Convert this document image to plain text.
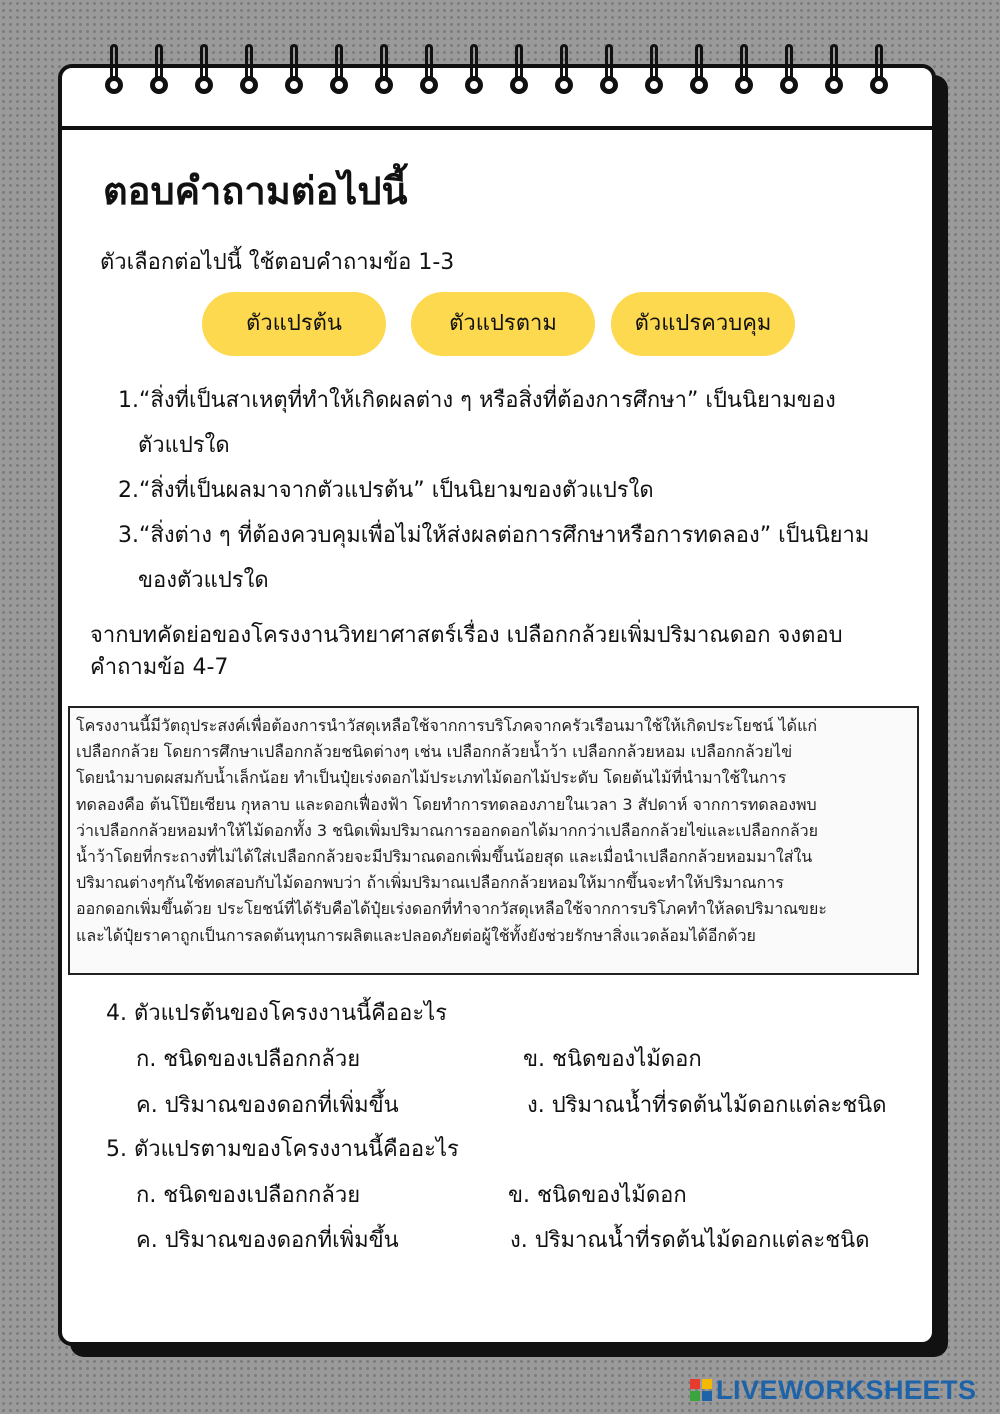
ตอบคำถามต่อไปนี้

ตัวเลือกต่อไปนี้ ใช้ตอบคำถามข้อ 1-3

ตัวแปรต้น	ตัวแปรตาม	ตัวแปรควบคุม

1.“สิ่งที่เป็นสาเหตุที่ทำให้เกิดผลต่าง ๆ หรือสิ่งที่ต้องการศึกษา” เป็นนิยามของ

ตัวแปรใด

2.“สิ่งที่เป็นผลมาจากตัวแปรต้น” เป็นนิยามของตัวแปรใด

3.“สิ่งต่าง ๆ ที่ต้องควบคุมเพื่อไม่ให้ส่งผลต่อการศึกษาหรือการทดลอง” เป็นนิยาม

ของตัวแปรใด

จากบทคัดย่อของโครงงานวิทยาศาสตร์เรื่อง เปลือกกล้วยเพิ่มปริมาณดอก จงตอบ

คำถามข้อ 4-7

โครงงานนี้มีวัตถุประสงค์เพื่อต้องการนำวัสดุเหลือใช้จากการบริโภคจากครัวเรือนมาใช้ให้เกิดประโยชน์ ได้แก่
เปลือกกล้วย โดยการศึกษาเปลือกกล้วยชนิดต่างๆ เช่น เปลือกกล้วยน้ำว้า เปลือกกล้วยหอม เปลือกกล้วยไข่
โดยนำมาบดผสมกับน้ำเล็กน้อย ทำเป็นปุ๋ยเร่งดอกไม้ประเภทไม้ดอกไม้ประดับ โดยต้นไม้ที่นำมาใช้ในการ
ทดลองคือ ต้นโป๊ยเซียน กุหลาบ และดอกเฟื่องฟ้า โดยทำการทดลองภายในเวลา 3 สัปดาห์ จากการทดลองพบ
ว่าเปลือกกล้วยหอมทำให้ไม้ดอกทั้ง 3 ชนิดเพิ่มปริมาณการออกดอกได้มากกว่าเปลือกกล้วยไข่และเปลือกกล้วย
น้ำว้าโดยที่กระถางที่ไม่ได้ใส่เปลือกกล้วยจะมีปริมาณดอกเพิ่มขึ้นน้อยสุด และเมื่อนำเปลือกกล้วยหอมมาใส่ใน
ปริมาณต่างๆกันใช้ทดสอบกับไม้ดอกพบว่า ถ้าเพิ่มปริมาณเปลือกกล้วยหอมให้มากขึ้นจะทำให้ปริมาณการ
ออกดอกเพิ่มขึ้นด้วย ประโยชน์ที่ได้รับคือได้ปุ๋ยเร่งดอกที่ทำจากวัสดุเหลือใช้จากการบริโภคทำให้ลดปริมาณขยะ
และได้ปุ๋ยราคาถูกเป็นการลดต้นทุนการผลิตและปลอดภัยต่อผู้ใช้ทั้งยังช่วยรักษาสิ่งแวดล้อมได้อีกด้วย

4. ตัวแปรต้นของโครงงานนี้คืออะไร

ก. ชนิดของเปลือกกล้วย	ข. ชนิดของไม้ดอก

ค. ปริมาณของดอกที่เพิ่มขึ้น	ง. ปริมาณน้ำที่รดต้นไม้ดอกแต่ละชนิด

5. ตัวแปรตามของโครงงานนี้คืออะไร

ก. ชนิดของเปลือกกล้วย	ข. ชนิดของไม้ดอก

ค. ปริมาณของดอกที่เพิ่มขึ้น	ง. ปริมาณน้ำที่รดต้นไม้ดอกแต่ละชนิด

LIVEWORKSHEETS
